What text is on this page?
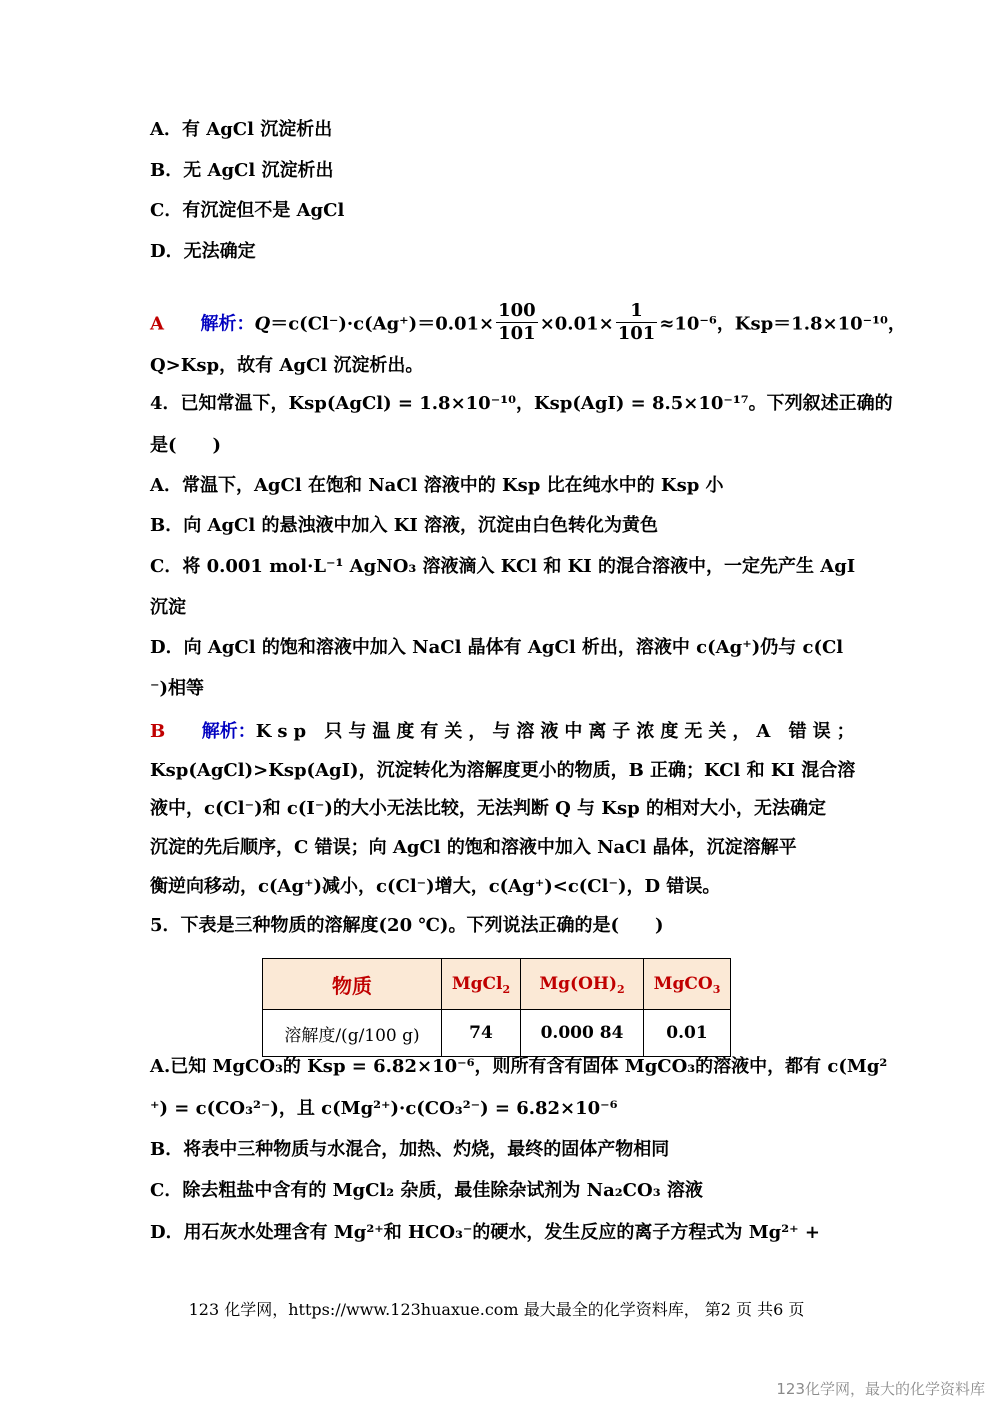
A．有 AgCl 沉淀析出
B．无 AgCl 沉淀析出
C．有沉淀但不是 AgCl
D．无法确定
A 解析：$Q=c(Cl^-)\cdot c(Ag^+)=0.01\times \frac{100}{101} \times 0.01\times \frac{1}{101} \approx 10^{-6}$，Ksp＝1.8×10⁻¹⁰，
Q>Ksp，故有 AgCl 沉淀析出。
4．已知常温下，Ksp(AgCl) = 1.8×10⁻¹⁰，Ksp(AgI) = 8.5×10⁻¹⁷。下列叙述正确的
是(　　)
A．常温下，AgCl 在饱和 NaCl 溶液中的 Ksp 比在纯水中的 Ksp 小
B．向 AgCl 的悬浊液中加入 KI 溶液，沉淀由白色转化为黄色
C．将 0.001 mol·L⁻¹ AgNO₃ 溶液滴入 KCl 和 KI 的混合溶液中，一定先产生 AgI
沉淀
D．向 AgCl 的饱和溶液中加入 NaCl 晶体有 AgCl 析出，溶液中 c(Ag⁺)仍与 c(Cl
⁻)相等
B 解析：Ksp 只与温度有关，与溶液中离子浓度无关，A 错误；
Ksp(AgCl)>Ksp(AgI)，沉淀转化为溶解度更小的物质，B 正确；KCl 和 KI 混合溶
液中，c(Cl⁻)和 c(I⁻)的大小无法比较，无法判断 Q 与 Ksp 的相对大小，无法确定
沉淀的先后顺序，C 错误；向 AgCl 的饱和溶液中加入 NaCl 晶体，沉淀溶解平
衡逆向移动，c(Ag⁺)减小，c(Cl⁻)增大，c(Ag⁺)<c(Cl⁻)，D 错误。
5．下表是三种物质的溶解度(20 ℃)。下列说法正确的是(　　)
物质	MgCl$_2$	$Mg(OH)_2$	MgCO$_3$
溶解度/(g/100 g)	74	0.000 84	0.01
A.已知 MgCO₃的 Ksp = 6.82×10⁻⁶，则所有含有固体 MgCO₃的溶液中，都有 c(Mg²
⁺) = c(CO₃²⁻)，且 c(Mg²⁺)·c(CO₃²⁻) = 6.82×10⁻⁶
B．将表中三种物质与水混合，加热、灼烧，最终的固体产物相同
C．除去粗盐中含有的 MgCl₂ 杂质，最佳除杂试剂为 Na₂CO₃ 溶液
D．用石灰水处理含有 Mg²⁺和 HCO₃⁻的硬水，发生反应的离子方程式为 Mg²⁺ +
123 化学网，https://www.123huaxue.com 最大最全的化学资料库， 第2 页 共6 页
123化学网，最大的化学资料库
